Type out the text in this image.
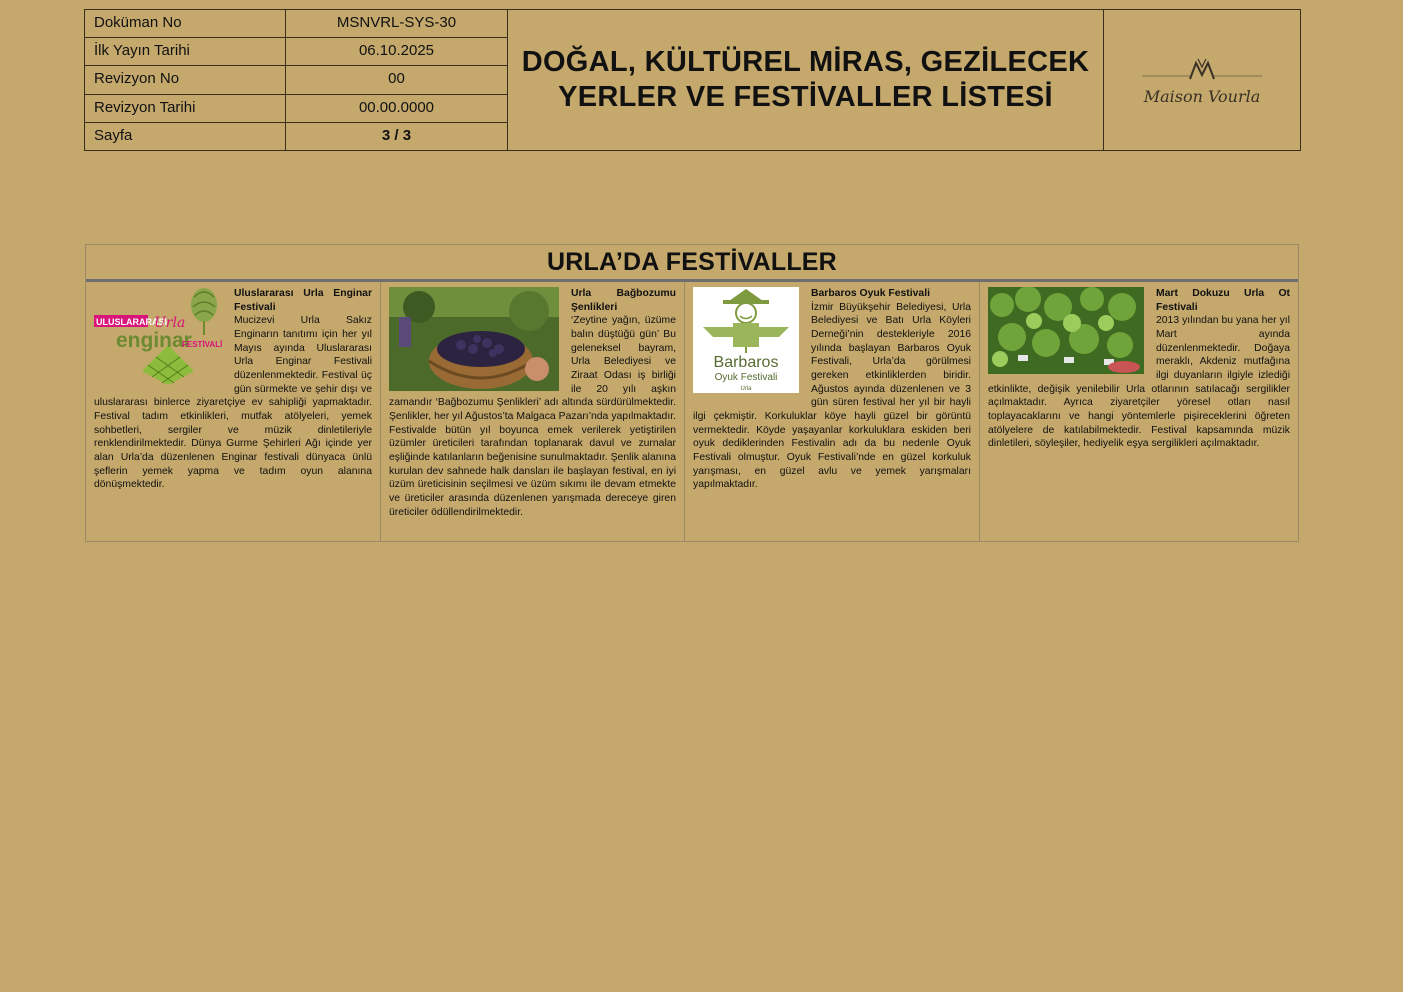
Doküman No	MSNVRL-SYS-30
İlk Yayın Tarihi	06.10.2025
Revizyon No	00
Revizyon Tarihi	00.00.0000
Sayfa	3 / 3
DOĞAL, KÜLTÜREL MİRAS, GEZİLECEK
YERLER VE FESTİVALLER LİSTESİ	Maison Vourla
URLA’DA FESTİVALLER
ULUSLARARASI
Urla
enginar
FESTİVALİ

Uluslararası Urla Enginar Festivali

Mucizevi Urla Sakız Enginarın tanıtımı için her yıl Mayıs ayında Uluslararası Urla Enginar Festivali düzenlenmektedir. Festival üç gün sürmekte ve şehir dışı ve uluslararası binlerce ziyaretçiye ev sahipliği yapmaktadır. Festival tadım etkinlikleri, mutfak atölyeleri, yemek sohbetleri, sergiler ve müzik dinletileriyle renklendirilmektedir. Dünya Gurme Şehirleri Ağı içinde yer alan Urla’da düzenlenen Enginar festivali dünyaca ünlü şeflerin yemek yapma ve tadım oyun alanına dönüşmektedir.

Urla Bağbozumu Şenlikleri

‘Zeytine yağın, üzüme balın düştüğü gün’ Bu geleneksel bayram, Urla Belediyesi ve Ziraat Odası iş birliği ile 20 yılı aşkın zamandır ‘Bağbozumu Şenlikleri’ adı altında sürdürülmektedir. Şenlikler, her yıl Ağustos’ta Malgaca Pazarı’nda yapılmaktadır. Festivalde bütün yıl boyunca emek verilerek yetiştirilen üzümler üreticileri tarafından toplanarak davul ve zurnalar eşliğinde katılanların beğenisine sunulmaktadır. Şenlik alanına kurulan dev sahnede halk dansları ile başlayan festival, en iyi üzüm üreticisinin seçilmesi ve üzüm sıkımı ile devam etmekte ve üreticiler arasında düzenlenen yarışmada dereceye giren üreticiler ödüllendirilmektedir.

Barbaros
Oyuk Festivali
Urla

Barbaros Oyuk Festivali

İzmir Büyükşehir Belediyesi, Urla Belediyesi ve Batı Urla Köyleri Derneği’nin destekleriyle 2016 yılında başlayan Barbaros Oyuk Festivali, Urla’da görülmesi gereken etkinliklerden biridir. Ağustos ayında düzenlenen ve 3 gün süren festival her yıl bir hayli ilgi çekmiştir. Korkuluklar köye hayli güzel bir görüntü vermektedir. Köyde yaşayanlar korkuluklara eskiden beri oyuk dediklerinden Festivalin adı da bu nedenle Oyuk Festivali olmuştur. Oyuk Festivali’nde en güzel korkuluk yarışması, en güzel avlu ve yemek yarışmaları yapılmaktadır.

Mart Dokuzu Urla Ot Festivali

2013 yılından bu yana her yıl Mart ayında düzenlenmektedir. Doğaya meraklı, Akdeniz mutfağına ilgi duyanların ilgiyle izlediği etkinlikte, değişik yenilebilir Urla otlarının satılacağı sergilikler açılmaktadır. Ayrıca ziyaretçiler yöresel otları nasıl toplayacaklarını ve hangi yöntemlerle pişireceklerini öğreten atölyelere de katılabilmektedir. Festival kapsamında müzik dinletileri, söyleşiler, hediyelik eşya sergilikleri açılmaktadır.
